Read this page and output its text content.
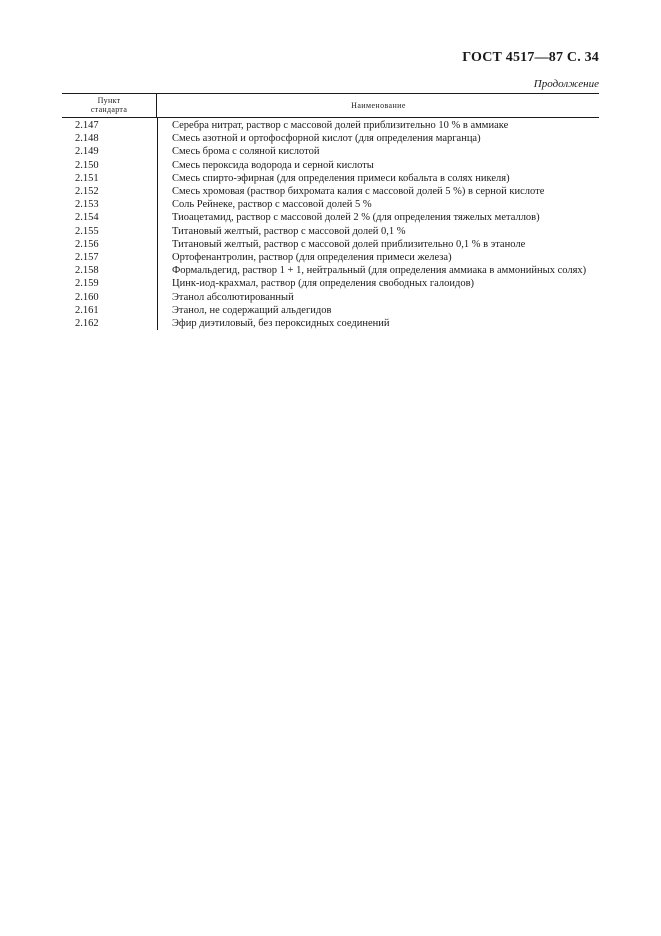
ГОСТ 4517—87 С. 34
Продолжение
Пункт
стандарта	Наименование
2.147	Серебра нитрат, раствор с массовой долей приблизительно 10 % в аммиаке
2.148	Смесь азотной и ортофосфорной кислот (для определения марганца)
2.149	Смесь брома с соляной кислотой
2.150	Смесь пероксида водорода и серной кислоты
2.151	Смесь спирто-эфирная (для определения примеси кобальта в солях никеля)
2.152	Смесь хромовая (раствор бихромата калия с массовой долей 5 %) в серной кислоте
2.153	Соль Рейнеке, раствор с массовой долей 5 %
2.154	Тиоацетамид, раствор с массовой долей 2 % (для определения тяжелых металлов)
2.155	Титановый желтый, раствор с массовой долей 0,1 %
2.156	Титановый желтый, раствор с массовой долей приблизительно 0,1 % в этаноле
2.157	Ортофенантролин, раствор (для определения примеси железа)
2.158	Формальдегид, раствор 1 + 1, нейтральный (для определения аммиака в аммонийных солях)
2.159	Цинк-иод-крахмал, раствор (для определения свободных галоидов)
2.160	Этанол абсолютированный
2.161	Этанол, не содержащий альдегидов
2.162	Эфир диэтиловый, без пероксидных соединений
